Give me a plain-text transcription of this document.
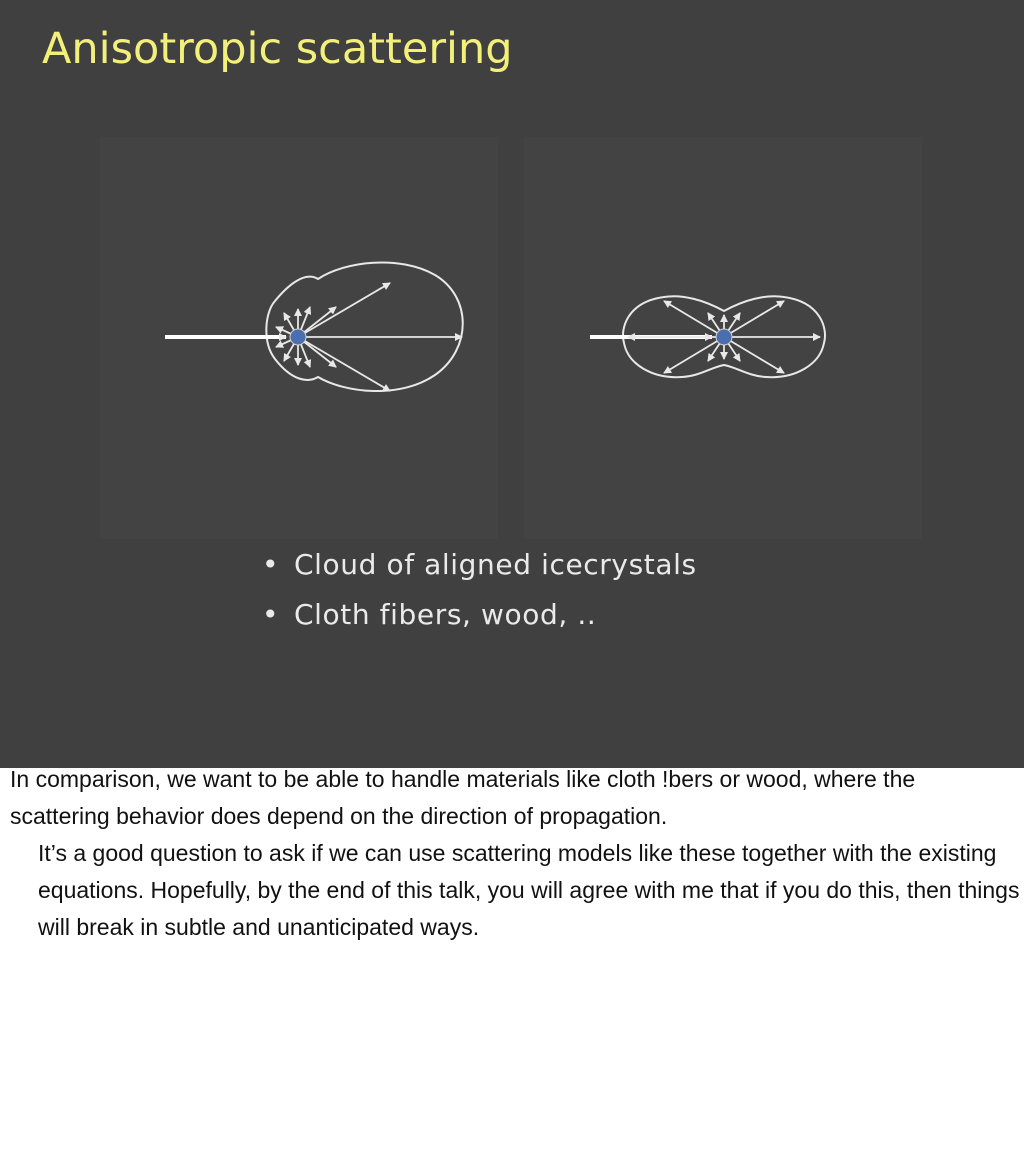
Anisotropic scattering
• Cloud of aligned icecrystals
• Cloth fibers, wood, ..

In comparison, we want to be able to handle materials like cloth !bers or wood, where the scattering behavior does depend on the direction of propagation.

It’s a good question to ask if we can use scattering models like these together with the existing equations. Hopefully, by the end of this talk, you will agree with me that if you do this, then things will break in subtle and unanticipated ways.
